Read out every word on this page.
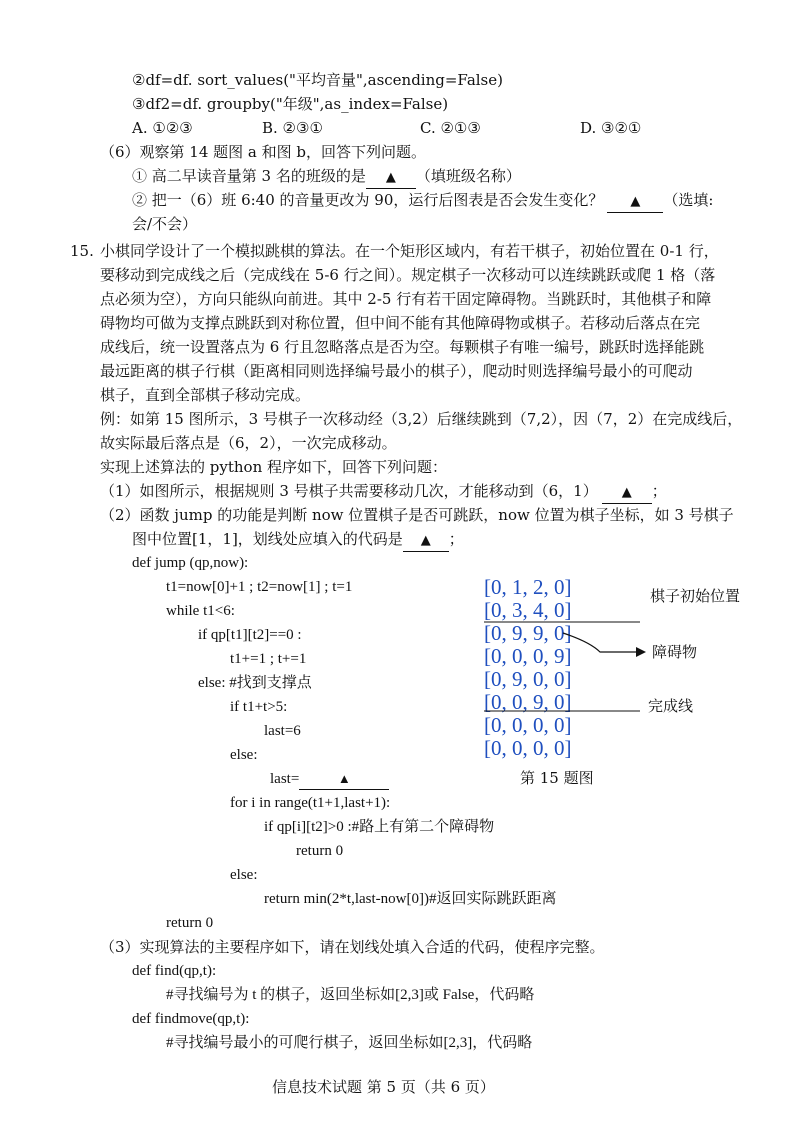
②df=df. sort_values("平均音量",ascending=False)
③df2=df. groupby("年级",as_index=False)
A. ①②③	B. ②③①	C. ②①③	D. ③②①
（6）观察第 14 题图 a 和图 b，回答下列问题。
① 高二早读音量第 3 名的班级的是 ▲ （填班级名称）
② 把一（6）班 6:40 的音量更改为 90，运行后图表是否会发生变化？ ▲ （选填:
会/不会）
15. 小棋同学设计了一个模拟跳棋的算法。在一个矩形区域内，有若干棋子，初始位置在 0-1 行，
要移动到完成线之后（完成线在 5-6 行之间）。规定棋子一次移动可以连续跳跃或爬 1 格（落
点必须为空），方向只能纵向前进。其中 2-5 行有若干固定障碍物。当跳跃时，其他棋子和障
碍物均可做为支撑点跳跃到对称位置，但中间不能有其他障碍物或棋子。若移动后落点在完
成线后，统一设置落点为 6 行且忽略落点是否为空。每颗棋子有唯一编号，跳跃时选择能跳
最远距离的棋子行棋（距离相同则选择编号最小的棋子），爬动时则选择编号最小的可爬动
棋子，直到全部棋子移动完成。
例：如第 15 图所示，3 号棋子一次移动经（3,2）后继续跳到（7,2），因（7，2）在完成线后，
故实际最后落点是（6，2），一次完成移动。
实现上述算法的 python 程序如下，回答下列问题：
（1）如图所示，根据规则 3 号棋子共需要移动几次，才能移动到（6，1） ▲ ；
（2）函数 jump 的功能是判断 now 位置棋子是否可跳跃，now 位置为棋子坐标，如 3 号棋子
图中位置[1，1]，划线处应填入的代码是 ▲ ；
def jump (qp,now):
t1=now[0]+1 ; t2=now[1] ; t=1
while t1<6:
if qp[t1][t2]==0 :
t1+=1 ; t+=1
else: #找到支撑点
if t1+t>5:
last=6
else:
last=	▲
for i in range(t1+1,last+1):
if qp[i][t2]>0 :#路上有第二个障碍物
return 0
else:
return min(2*t,last-now[0])#返回实际跳跃距离
return 0
（3）实现算法的主要程序如下，请在划线处填入合适的代码，使程序完整。
def find(qp,t):
#寻找编号为 t 的棋子，返回坐标如[2,3]或 False，代码略
def findmove(qp,t):
#寻找编号最小的可爬行棋子，返回坐标如[2,3]，代码略
信息技术试题 第 5 页（共 6 页）
[0, 1, 2, 0]
[0, 3, 4, 0]
[0, 9, 9, 0]
[0, 0, 0, 9]
[0, 9, 0, 0]
[0, 0, 9, 0]
[0, 0, 0, 0]
[0, 0, 0, 0]
棋子初始位置
障碍物
完成线
第 15 题图
